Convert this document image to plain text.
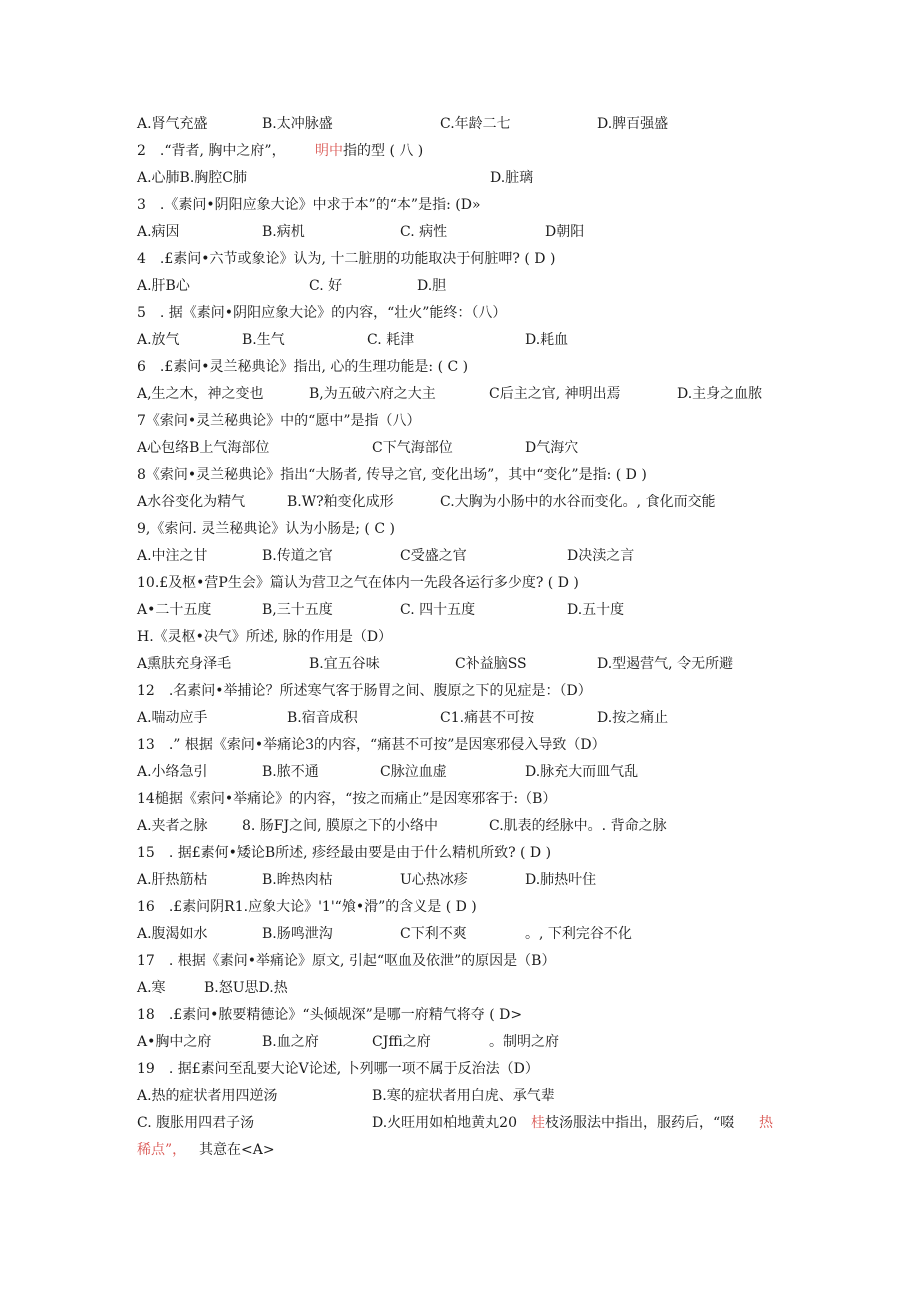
A.肾气充盛	B.太冲脉盛	C.年龄二七	D.脾百强盛
2　.“背者, 胸中之府”， 明中 指的型 ( 八 )
A.心肺B.胸腔C肺	D.脏璃
3　.《素问•阴阳应象大论》中求于本”的“本”是指: (D»
A.病因	B.病机	C. 病性	D朝阳
4　.£素问•六节或象论》认为, 十二脏朋的功能取决于何脏呷? ( D )
A.肝B心	C. 好	D.胆
5　. 据《素问•阴阳应象大论》的内容，“壮火”能终：（八）
A.放气	B.生气	C. 耗津	D.耗血
6　.£素问•灵兰秘典论》指出, 心的生理功能是: ( C )
A,生之木，神之变也	B,为五破六府之大主	C后主之官, 神明出焉	D.主身之血脓
7《索问•灵兰秘典论》中的“愿中”是指（八）
A心包络B上气海部位	C下气海部位	D气海穴
8《索问•灵兰秘典论》指出“大肠者, 传导之官, 变化出场”，其中“变化”是指: ( D )
A水谷变化为精气	B.W?粕变化成形	C.大胸为小肠中的水谷而变化。, 食化而交能
9,《索问. 灵兰秘典论》认为小肠是; ( C )
A.中注之甘	B.传道之官	C受盛之官	D决渎之言
10.£及枢•营P生会》篇认为营卫之气在体内一先段各运行多少度? ( D )
A•二十五度	B,三十五度	C. 四十五度	D.五十度
H.《灵枢•决气》所述, 脉的作用是（D）
A熏肤充身泽毛	B.宜五谷味	C补益脑SS	D.型遏营气, 令无所避
12　.名素问•举捕论？所述寒气客于肠胃之间、腹原之下的见症是：（D）
A.喘动应手	B.宿音成积	C1.痛甚不可按	D.按之痛止
13　.” 根据《索问•举痛论3的内容，“痛甚不可按”是因寒邪侵入导致（D）
A.小络急引	B.脓不通	C脉泣血虚	D.脉充大而皿气乱
14槌据《索问•举痛论》的内容，“按之而痛止”是因寒邪客于:（B）
A.夹者之脉 8. 肠FJ之间, 膜原之下的小络中	C.肌表的经脉中。. 背命之脉
15　. 据£素何•矮论B所述, 疹经最由要是由于什么精机所致? ( D )
A.肝热筋枯	B.眸热肉枯	U心热冰疹	D.肺热叶住
16　.£素问阴R1.应象大论》'1'“飧•滑”的含义是 ( D )
A.腹渴如水	B.肠鸣泄沟	C下利不爽	。, 下利完谷不化
17　. 根据《素问•举痛论》原文, 引起“呕血及依泄”的原因是（B）
A.寒	B.怒U思D.热
18　.£素问•脓要精德论》“头倾觇深”是哪一府精气将夺 ( D>
A•胸中之府	B.血之府	CJffi之府	。制明之府
19　. 据£素问至乱要大论V论述, 卜列哪一项不属于反治法（D）
A.热的症状者用四逆汤	B.寒的症状者用白虎、承气辈
C. 腹胀用四君子汤	D.火旺用如柏地黄丸20 桂 枝汤服法中指出，服药后，“啜 热
稀点”， 其意在<A>
